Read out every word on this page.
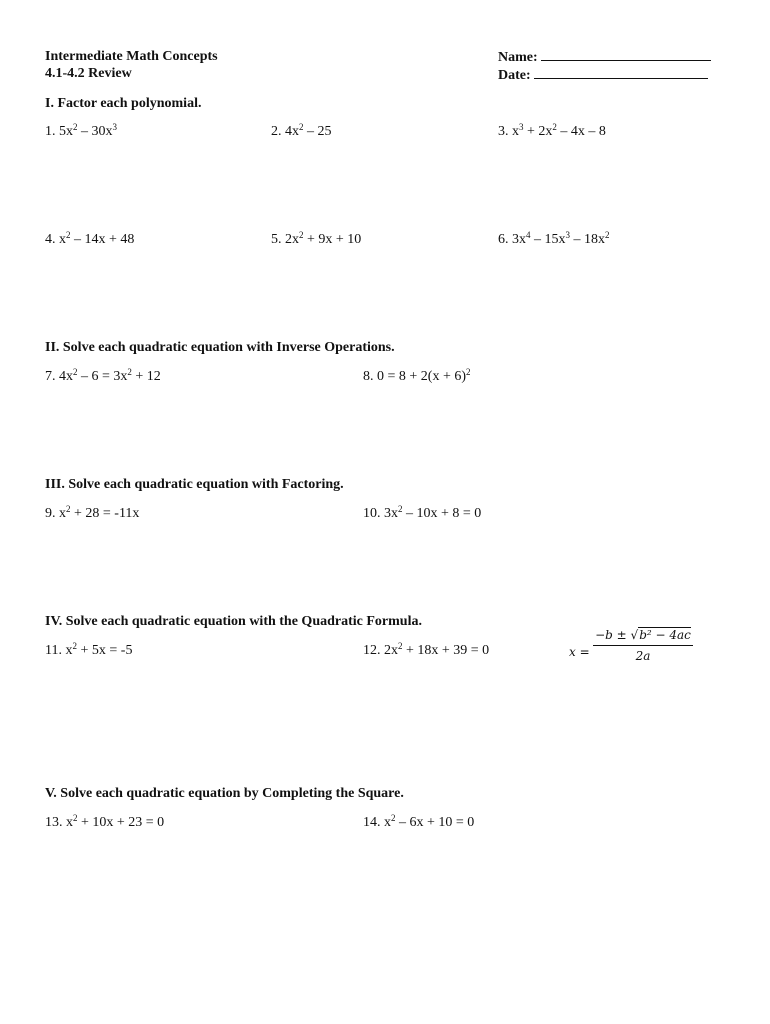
Intermediate Math Concepts
4.1-4.2 Review
Name:
Date:
I. Factor each polynomial.
1. $5x^2 - 30x^3$	2. $4x^2 - 25$	3. $x^3 + 2x^2 - 4x - 8$
4. $x^2 - 14x + 48$	5. $2x^2 + 9x + 10$	6. $3x^4 - 15x^3 - 18x^2$
II. Solve each quadratic equation with Inverse Operations.
7. $4x^2 - 6 = 3x^2 + 12$	8. $0 = 8 + 2(x + 6)^2$
III. Solve each quadratic equation with Factoring.
9. $x^2 + 28 = -11x$	10. $3x^2 - 10x + 8 = 0$
IV. Solve each quadratic equation with the Quadratic Formula.
11. $x^2 + 5x = -5$	12. $2x^2 + 18x + 39 = 0$	$x = \frac{\text{−b ± √b² − 4ac}}{2a}$
V. Solve each quadratic equation by Completing the Square.
13. $x^2 + 10x + 23 = 0$	14. $x^2 - 6x + 10 = 0$
